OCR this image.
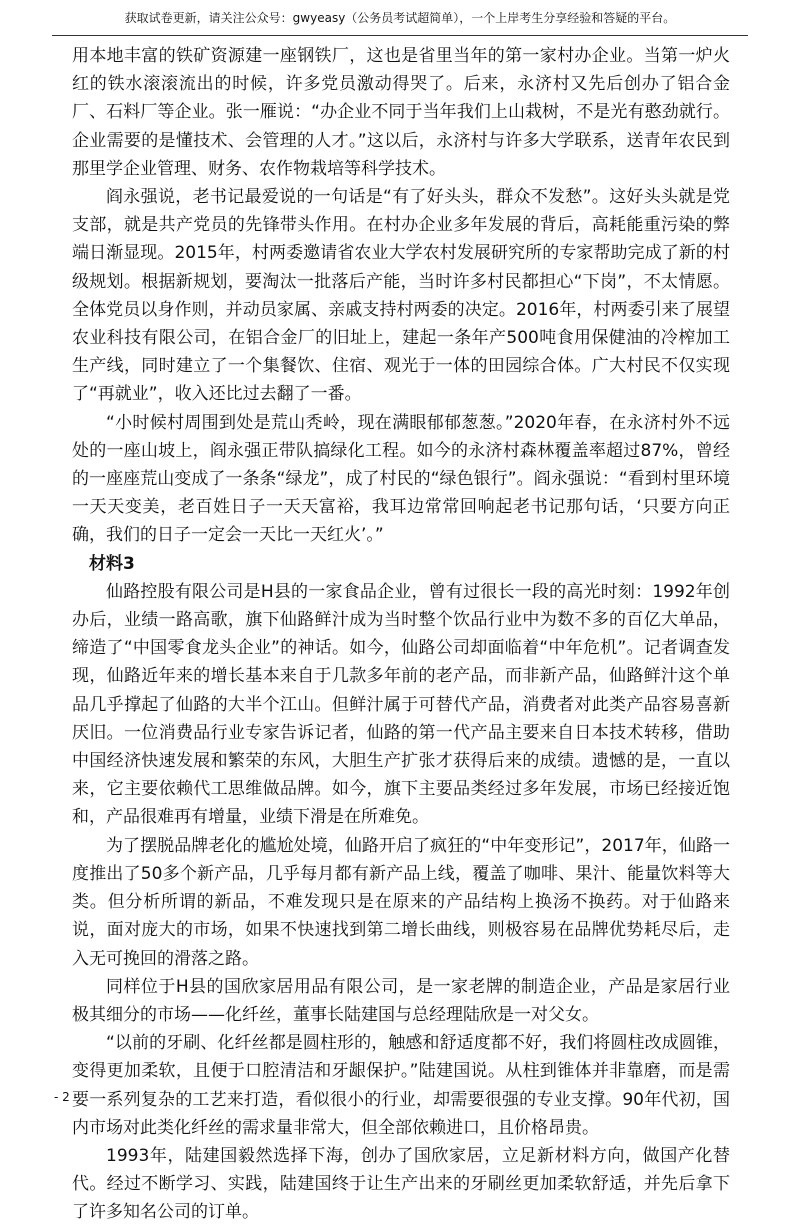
获取试卷更新，请关注公众号：gwyeasy（公务员考试超简单），一个上岸考生分享经验和答疑的平台。

用本地丰富的铁矿资源建一座钢铁厂，这也是省里当年的第一家村办企业。当第一炉火红的铁水滚滚流出的时候，许多党员激动得哭了。后来，永济村又先后创办了铝合金厂、石料厂等企业。张一雁说：“办企业不同于当年我们上山栽树，不是光有憨劲就行。企业需要的是懂技术、会管理的人才。”这以后，永济村与许多大学联系，送青年农民到那里学企业管理、财务、农作物栽培等科学技术。

阎永强说，老书记最爱说的一句话是“有了好头头，群众不发愁”。这好头头就是党支部，就是共产党员的先锋带头作用。在村办企业多年发展的背后，高耗能重污染的弊端日渐显现。2015年，村两委邀请省农业大学农村发展研究所的专家帮助完成了新的村级规划。根据新规划，要淘汰一批落后产能，当时许多村民都担心“下岗”，不太情愿。全体党员以身作则，并动员家属、亲戚支持村两委的决定。2016年，村两委引来了展望农业科技有限公司，在铝合金厂的旧址上，建起一条年产500吨食用保健油的冷榨加工生产线，同时建立了一个集餐饮、住宿、观光于一体的田园综合体。广大村民不仅实现了“再就业”，收入还比过去翻了一番。

“小时候村周围到处是荒山秃岭，现在满眼郁郁葱葱。”2020年春，在永济村外不远处的一座山坡上，阎永强正带队搞绿化工程。如今的永济村森林覆盖率超过87%，曾经的一座座荒山变成了一条条“绿龙”，成了村民的“绿色银行”。阎永强说：“看到村里环境一天天变美，老百姓日子一天天富裕，我耳边常常回响起老书记那句话，‘只要方向正确，我们的日子一定会一天比一天红火’。”

材料3

仙路控股有限公司是H县的一家食品企业，曾有过很长一段的高光时刻：1992年创办后，业绩一路高歌，旗下仙路鲜汁成为当时整个饮品行业中为数不多的百亿大单品，缔造了“中国零食龙头企业”的神话。如今，仙路公司却面临着“中年危机”。记者调查发现，仙路近年来的增长基本来自于几款多年前的老产品，而非新产品，仙路鲜汁这个单品几乎撑起了仙路的大半个江山。但鲜汁属于可替代产品，消费者对此类产品容易喜新厌旧。一位消费品行业专家告诉记者，仙路的第一代产品主要来自日本技术转移，借助中国经济快速发展和繁荣的东风，大胆生产扩张才获得后来的成绩。遗憾的是，一直以来，它主要依赖代工思维做品牌。如今，旗下主要品类经过多年发展，市场已经接近饱和，产品很难再有增量，业绩下滑是在所难免。

为了摆脱品牌老化的尴尬处境，仙路开启了疯狂的“中年变形记”，2017年，仙路一度推出了50多个新产品，几乎每月都有新产品上线，覆盖了咖啡、果汁、能量饮料等大类。但分析所谓的新品，不难发现只是在原来的产品结构上换汤不换药。对于仙路来说，面对庞大的市场，如果不快速找到第二增长曲线，则极容易在品牌优势耗尽后，走入无可挽回的滑落之路。

同样位于H县的国欣家居用品有限公司，是一家老牌的制造企业，产品是家居行业极其细分的市场——化纤丝，董事长陆建国与总经理陆欣是一对父女。

“以前的牙刷、化纤丝都是圆柱形的，触感和舒适度都不好，我们将圆柱改成圆锥，变得更加柔软，且便于口腔清洁和牙龈保护。”陆建国说。从柱到锥体并非靠磨，而是需要一系列复杂的工艺来打造，看似很小的行业，却需要很强的专业支撑。90年代初，国内市场对此类化纤丝的需求量非常大，但全部依赖进口，且价格昂贵。

1993年，陆建国毅然选择下海，创办了国欣家居，立足新材料方向，做国产化替代。经过不断学习、实践，陆建国终于让生产出来的牙刷丝更加柔软舒适，并先后拿下了许多知名公司的订单。

- 2 -
